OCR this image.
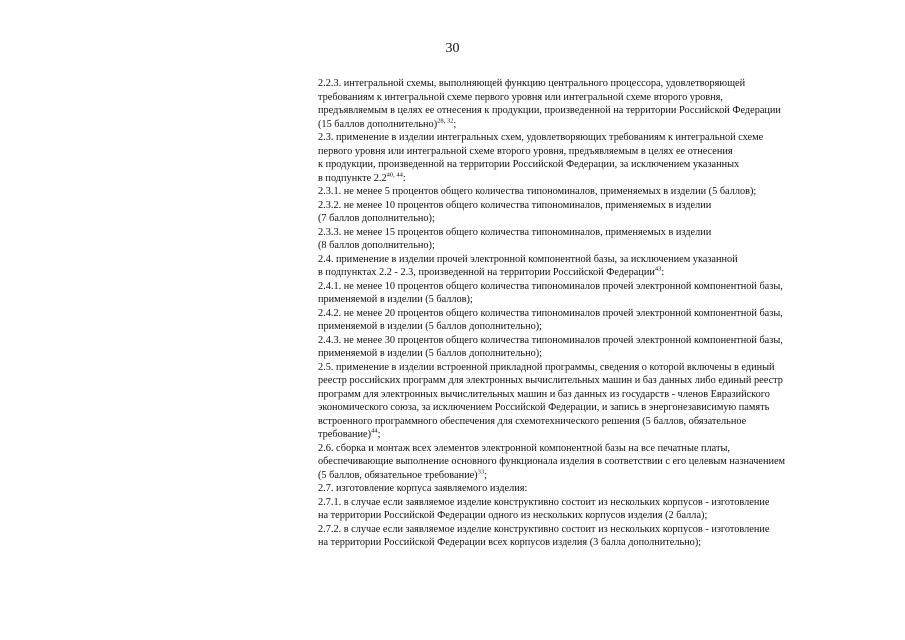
30
2.2.3. интегральной схемы, выполняющей функцию центрального процессора, удовлетворяющей
требованиям к интегральной схеме первого уровня или интегральной схеме второго уровня,
предъявляемым в целях ее отнесения к продукции, произведенной на территории Российской Федерации
(15 баллов дополнительно)$^{28, 32}$;
2.3. применение в изделии интегральных схем, удовлетворяющих требованиям к интегральной схеме
первого уровня или интегральной схеме второго уровня, предъявляемым в целях ее отнесения
к продукции, произведенной на территории Российской Федерации, за исключением указанных
в подпункте 2.2$^{40, 44}$:
2.3.1. не менее 5 процентов общего количества типономиналов, применяемых в изделии (5 баллов);
2.3.2. не менее 10 процентов общего количества типономиналов, применяемых в изделии
(7 баллов дополнительно);
2.3.3. не менее 15 процентов общего количества типономиналов, применяемых в изделии
(8 баллов дополнительно);
2.4. применение в изделии прочей электронной компонентной базы, за исключением указанной
в подпунктах 2.2 - 2.3, произведенной на территории Российской Федерации$^{43}$:
2.4.1. не менее 10 процентов общего количества типономиналов прочей электронной компонентной базы,
применяемой в изделии (5 баллов);
2.4.2. не менее 20 процентов общего количества типономиналов прочей электронной компонентной базы,
применяемой в изделии (5 баллов дополнительно);
2.4.3. не менее 30 процентов общего количества типономиналов прочей электронной компонентной базы,
применяемой в изделии (5 баллов дополнительно);
2.5. применение в изделии встроенной прикладной программы, сведения о которой включены в единый
реестр российских программ для электронных вычислительных машин и баз данных либо единый реестр
программ для электронных вычислительных машин и баз данных из государств - членов Евразийского
экономического союза, за исключением Российской Федерации, и запись в энергонезависимую память
встроенного программного обеспечения для схемотехнического решения (5 баллов, обязательное
требование)$^{44}$;
2.6. сборка и монтаж всех элементов электронной компонентной базы на все печатные платы,
обеспечивающие выполнение основного функционала изделия в соответствии с его целевым назначением
(5 баллов, обязательное требование)$^{33}$;
2.7. изготовление корпуса заявляемого изделия:
2.7.1. в случае если заявляемое изделие конструктивно состоит из нескольких корпусов - изготовление
на территории Российской Федерации одного из нескольких корпусов изделия (2 балла);
2.7.2. в случае если заявляемое изделие конструктивно состоит из нескольких корпусов - изготовление
на территории Российской Федерации всех корпусов изделия (3 балла дополнительно);
